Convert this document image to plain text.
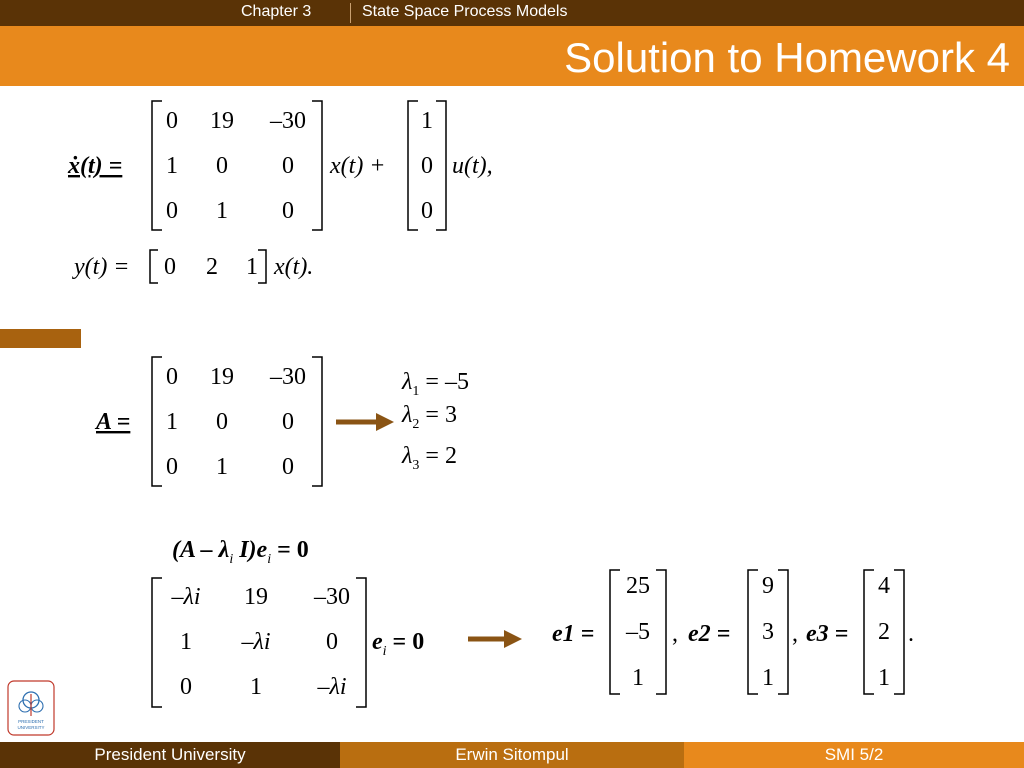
Chapter 3	State Space Process Models
Solution to Homework 4
ẋ(t) =
0 19 –30
1 0 0
0 1 0
x(t) +
1
0
0
u(t),
y(t) = 0 2 1 x(t).
A =
0 19 –30
1 0 0
0 1 0
$\lambda_1 = -5$
$\lambda_2 = 3$
$\lambda_3 = 2$
($A - \lambda_i$ $I)e_i = 0$
–λi 19 –30
1 –λi 0
0 1 –λi
$e_i = 0$	e1 =
25
–5
1
, e2 =
9
3
1
, e3 =
4
2
1
.
PRESIDENT
UNIVERSITY
President University	Erwin Sitompul	SMI 5/2
